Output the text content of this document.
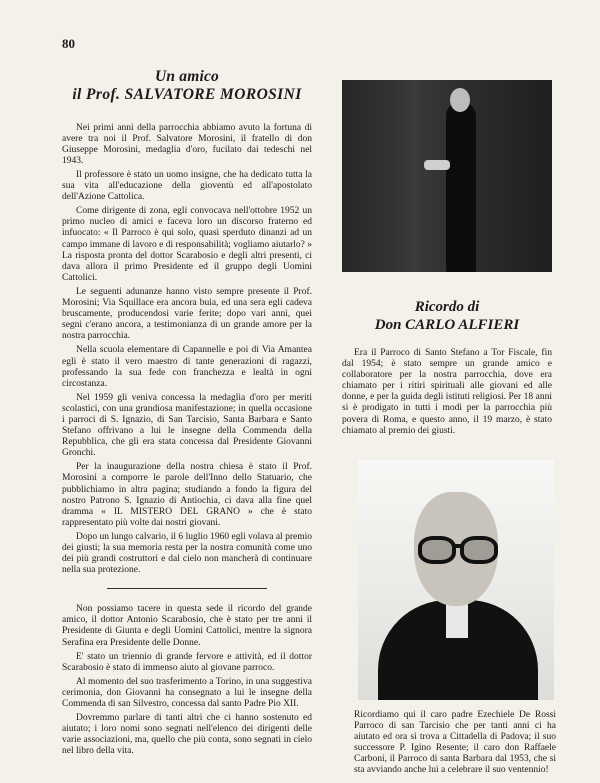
80
Un amico
il Prof. SALVATORE MOROSINI

Nei primi anni della parrocchia abbiamo avuto la fortuna di avere tra noi il Prof. Salvatore Morosini, il fratello di don Giuseppe Morosini, medaglia d'oro, fucilato dai tedeschi nel 1943.

Il professore è stato un uomo insigne, che ha dedicato tutta la sua vita all'educazione della gioventù ed all'apostolato dell'Azione Cattolica.

Come dirigente di zona, egli convocava nell'ottobre 1952 un primo nucleo di amici e faceva loro un discorso fraterno ed infuocato: « Il Parroco è qui solo, quasi sperduto dinanzi ad un campo immane di lavoro e di responsabilità; vogliamo aiutarlo? » La risposta pronta del dottor Scarabosio e degli altri presenti, ci dava allora il primo Presidente ed il gruppo degli Uomini Cattolici.

Le seguenti adunanze hanno visto sempre presente il Prof. Morosini; Via Squillace era ancora buia, ed una sera egli cadeva bruscamente, producendosi varie ferite; dopo vari anni, quei segni c'erano ancora, a testimonianza di un grande amore per la nostra parrocchia.

Nella scuola elementare di Capannelle e poi di Via Amantea egli è stato il vero maestro di tante generazioni di ragazzi, professando la sua fede con franchezza e lealtà in ogni circostanza.

Nel 1959 gli veniva concessa la medaglia d'oro per meriti scolastici, con una grandiosa manifestazione; in quella occasione i parroci di S. Ignazio, di San Tarcisio, Santa Barbara e Santo Stefano offrivano a lui le insegne della Commenda della Repubblica, che gli era stata concessa dal Presidente Giovanni Gronchi.

Per la inaugurazione della nostra chiesa è stato il Prof. Morosini a comporre le parole dell'Inno dello Statuario, che pubblichiamo in altra pagina; studiando a fondo la figura del nostro Patrono S. Ignazio di Antiochia, ci dava alla fine quel dramma « IL MISTERO DEL GRANO » che è stato rappresentato più volte dai nostri giovani.

Dopo un lungo calvario, il 6 luglio 1960 egli volava al premio dei giusti; la sua memoria resta per la nostra comunità come uno dei più grandi costruttori e dal cielo non mancherà di continuare nella sua protezione.

Non possiamo tacere in questa sede il ricordo del grande amico, il dottor Antonio Scarabosio, che è stato per tre anni il Presidente di Giunta e degli Uomini Cattolici, mentre la signora Serafina era Presidente delle Donne.

E' stato un triennio di grande fervore e attività, ed il dottor Scarabosio è stato di immenso aiuto al giovane parroco.

Al momento del suo trasferimento a Torino, in una suggestiva cerimonia, don Giovanni ha consegnato a lui le insegne della Commenda di san Silvestro, concessa dal santo Padre Pio XII.

Dovremmo parlare di tanti altri che ci hanno sostenuto ed aiutato; i loro nomi sono segnati nell'elenco dei dirigenti delle varie associazioni, ma, quello che più conta, sono segnati in cielo nel libro della vita.

Ricordo di
Don CARLO ALFIERI

Era il Parroco di Santo Stefano a Tor Fiscale, fin dal 1954; è stato sempre un grande amico e collaboratore per la nostra parrocchia, dove era chiamato per i ritiri spirituali alle giovani ed alle donne, e per la guida degli istituti religiosi. Per 18 anni si è prodigato in tutti i modi per la parrocchia più povera di Roma, e questo anno, il 19 marzo, è stato chiamato al premio dei giusti.

Ricordiamo qui il caro padre Ezechiele De Rossi Parroco di san Tarcisio che per tanti anni ci ha aiutato ed ora si trova a Cittadella di Padova; il suo successore P. Igino Resente; il caro don Raffaele Carboni, il Parroco di santa Barbara dal 1953, che si sta avviando anche lui a celebrare il suo ventennio!
